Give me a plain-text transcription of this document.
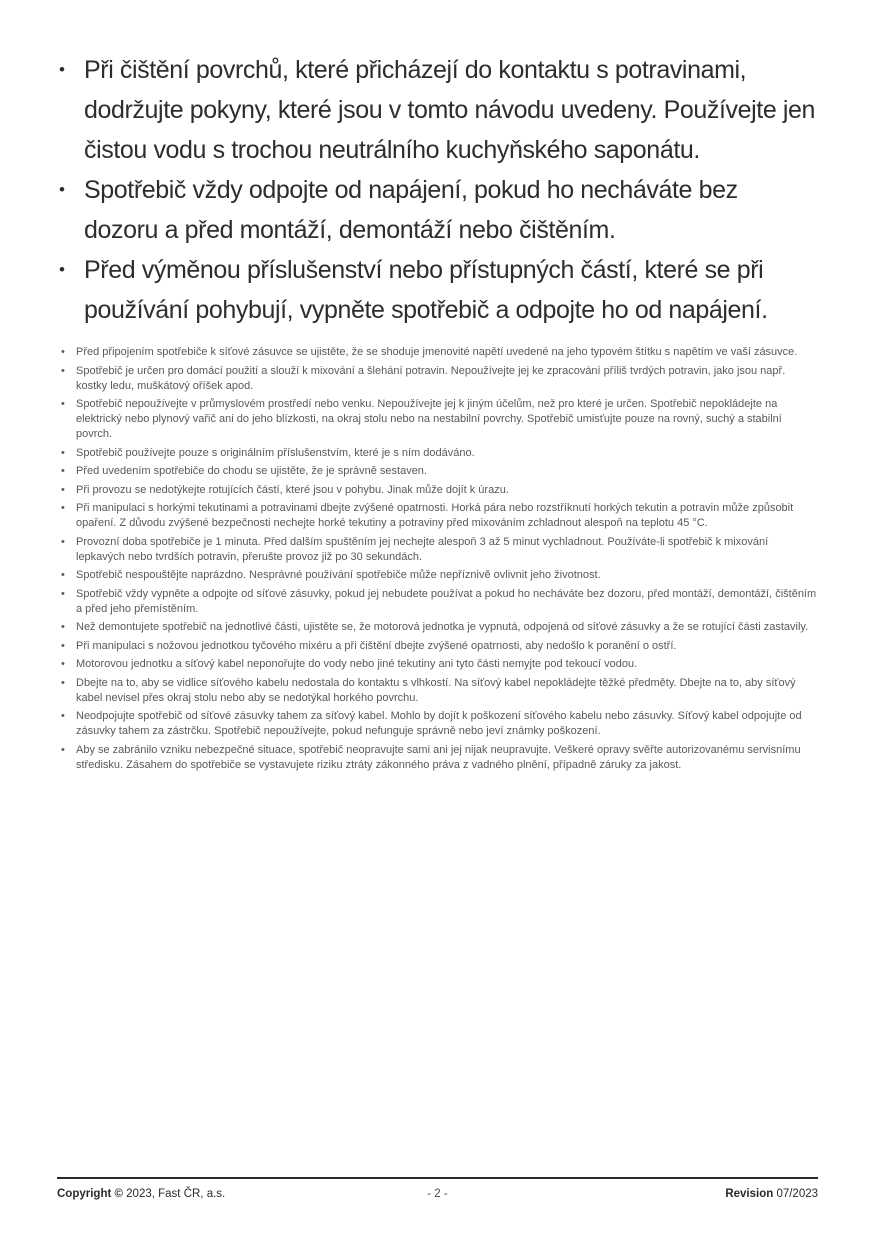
• Při čištění povrchů, které přicházejí do kontaktu s potravinami, dodržujte pokyny, které jsou v tomto návodu uvedeny. Používejte jen čistou vodu s trochou neutrálního kuchyňského saponátu.
• Spotřebič vždy odpojte od napájení, pokud ho necháváte bez dozoru a před montáží, demontáží nebo čištěním.
• Před výměnou příslušenství nebo přístupných částí, které se při používání pohybují, vypněte spotřebič a odpojte ho od napájení.
•	Před připojením spotřebiče k síťové zásuvce se ujistěte, že se shoduje jmenovité napětí uvedené na jeho typovém štítku s napětím ve vaší zásuvce.
•	Spotřebič je určen pro domácí použití a slouží k mixování a šlehání potravin. Nepoužívejte jej ke zpracování příliš tvrdých potravin, jako jsou např. kostky ledu, muškátový oříšek apod.
•	Spotřebič nepoužívejte v průmyslovém prostředí nebo venku. Nepoužívejte jej k jiným účelům, než pro které je určen. Spotřebič nepokládejte na elektrický nebo plynový vařič ani do jeho blízkosti, na okraj stolu nebo na nestabilní povrchy. Spotřebič umisťujte pouze na rovný, suchý a stabilní povrch.
•	Spotřebič používejte pouze s originálním příslušenstvím, které je s ním dodáváno.
•	Před uvedením spotřebiče do chodu se ujistěte, že je správně sestaven.
•	Při provozu se nedotýkejte rotujících částí, které jsou v pohybu. Jinak může dojít k úrazu.
•	Při manipulaci s horkými tekutinami a potravinami dbejte zvýšené opatrnosti. Horká pára nebo rozstříknutí horkých tekutin a potravin může způsobit opaření. Z důvodu zvýšené bezpečnosti nechejte horké tekutiny a potraviny před mixováním zchladnout alespoň na teplotu 45 °C.
•	Provozní doba spotřebiče je 1 minuta. Před dalším spuštěním jej nechejte alespoň 3 až 5 minut vychladnout. Používáte-li spotřebič k mixování lepkavých nebo tvrdších potravin, přerušte provoz již po 30 sekundách.
•	Spotřebič nespouštějte naprázdno. Nesprávné používání spotřebiče může nepříznivě ovlivnit jeho životnost.
•	Spotřebič vždy vypněte a odpojte od síťové zásuvky, pokud jej nebudete používat a pokud ho necháváte bez dozoru, před montáží, demontáží, čištěním a před jeho přemístěním.
•	Než demontujete spotřebič na jednotlivé části, ujistěte se, že motorová jednotka je vypnutá, odpojená od síťové zásuvky a že se rotující části zastavily.
•	Při manipulaci s nožovou jednotkou tyčového mixéru a při čištění dbejte zvýšené opatrnosti, aby nedošlo k poranění o ostří.
•	Motorovou jednotku a síťový kabel neponořujte do vody nebo jiné tekutiny ani tyto části nemyjte pod tekoucí vodou.
•	Dbejte na to, aby se vidlice síťového kabelu nedostala do kontaktu s vlhkostí. Na síťový kabel nepokládejte těžké předměty. Dbejte na to, aby síťový kabel nevisel přes okraj stolu nebo aby se nedotýkal horkého povrchu.
•	Neodpojujte spotřebič od síťové zásuvky tahem za síťový kabel. Mohlo by dojít k poškození síťového kabelu nebo zásuvky. Síťový kabel odpojujte od zásuvky tahem za zástrčku. Spotřebič nepoužívejte, pokud nefunguje správně nebo jeví známky poškození.
•	Aby se zabránilo vzniku nebezpečné situace, spotřebič neopravujte sami ani jej nijak neupravujte. Veškeré opravy svěřte autorizovanému servisnímu středisku. Zásahem do spotřebiče se vystavujete riziku ztráty zákonného práva z vadného plnění, případně záruky za jakost.
Copyright © 2023, Fast ČR, a.s.	- 2 -	Revision 07/2023
